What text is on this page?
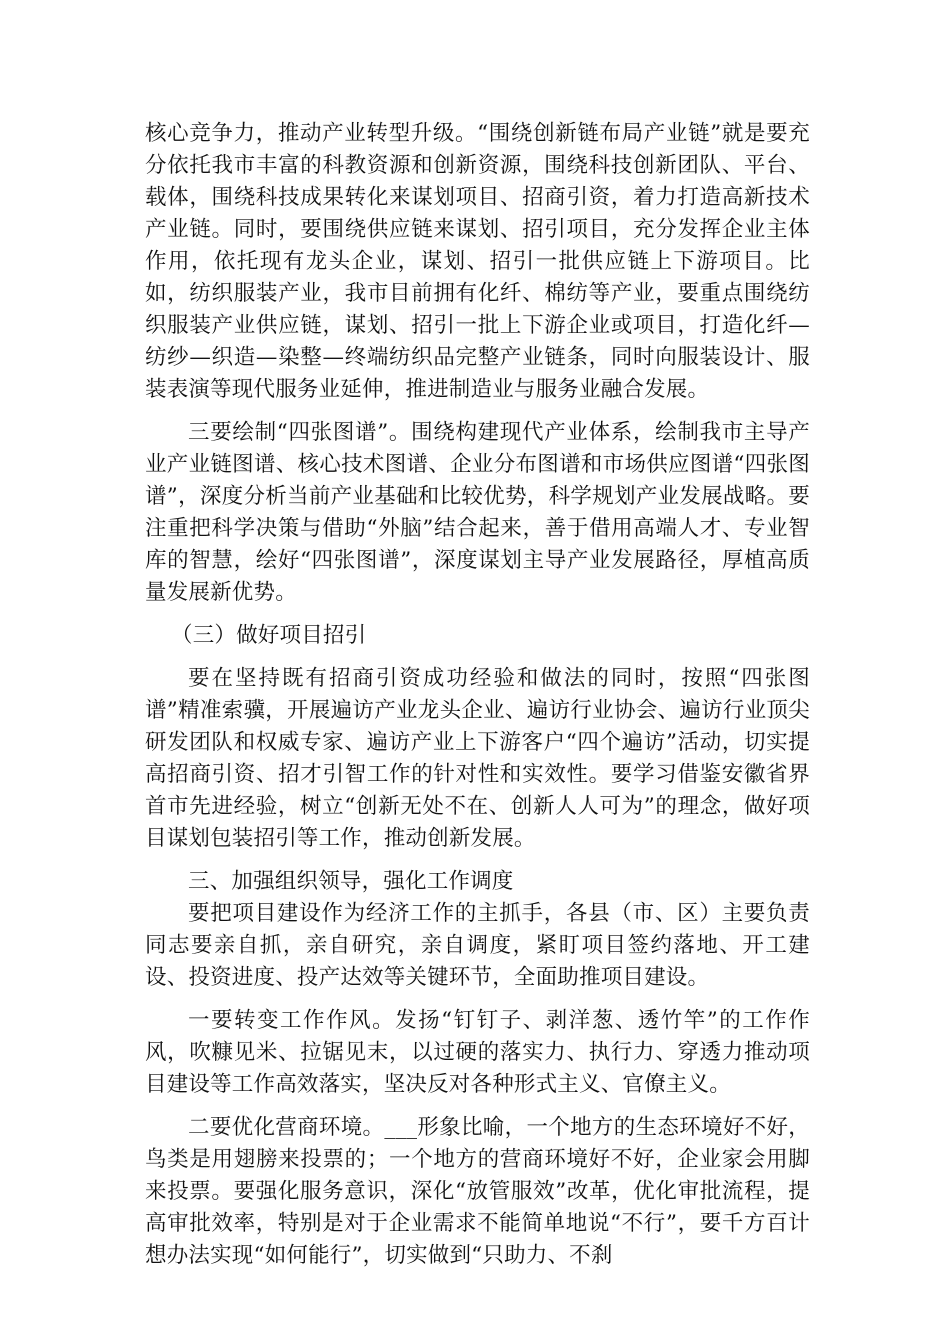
核心竞争力，推动产业转型升级。“围绕创新链布局产业链”就是要充分依托我市丰富的科教资源和创新资源，围绕科技创新团队、平台、载体，围绕科技成果转化来谋划项目、招商引资，着力打造高新技术产业链。同时，要围绕供应链来谋划、招引项目，充分发挥企业主体作用，依托现有龙头企业，谋划、招引一批供应链上下游项目。比如，纺织服装产业，我市目前拥有化纤、棉纺等产业，要重点围绕纺织服装产业供应链，谋划、招引一批上下游企业或项目，打造化纤—纺纱—织造—染整—终端纺织品完整产业链条，同时向服装设计、服装表演等现代服务业延伸，推进制造业与服务业融合发展。

三要绘制“四张图谱”。围绕构建现代产业体系，绘制我市主导产业产业链图谱、核心技术图谱、企业分布图谱和市场供应图谱“四张图谱”，深度分析当前产业基础和比较优势，科学规划产业发展战略。要注重把科学决策与借助“外脑”结合起来，善于借用高端人才、专业智库的智慧，绘好“四张图谱”，深度谋划主导产业发展路径，厚植高质量发展新优势。

（三）做好项目招引

要在坚持既有招商引资成功经验和做法的同时，按照“四张图谱”精准索骥，开展遍访产业龙头企业、遍访行业协会、遍访行业顶尖研发团队和权威专家、遍访产业上下游客户“四个遍访”活动，切实提高招商引资、招才引智工作的针对性和实效性。要学习借鉴安徽省界首市先进经验，树立“创新无处不在、创新人人可为”的理念，做好项目谋划包装招引等工作，推动创新发展。

三、加强组织领导，强化工作调度

要把项目建设作为经济工作的主抓手，各县（市、区）主要负责同志要亲自抓，亲自研究，亲自调度，紧盯项目签约落地、开工建设、投资进度、投产达效等关键环节，全面助推项目建设。

一要转变工作作风。发扬“钉钉子、剥洋葱、透竹竿”的工作作风，吹糠见米、拉锯见末，以过硬的落实力、执行力、穿透力推动项目建设等工作高效落实，坚决反对各种形式主义、官僚主义。

二要优化营商环境。___形象比喻，一个地方的生态环境好不好，鸟类是用翅膀来投票的；一个地方的营商环境好不好，企业家会用脚来投票。要强化服务意识，深化“放管服效”改革，优化审批流程，提高审批效率，特别是对于企业需求不能简单地说“不行”，要千方百计想办法实现“如何能行”，切实做到“只助力、不刹
